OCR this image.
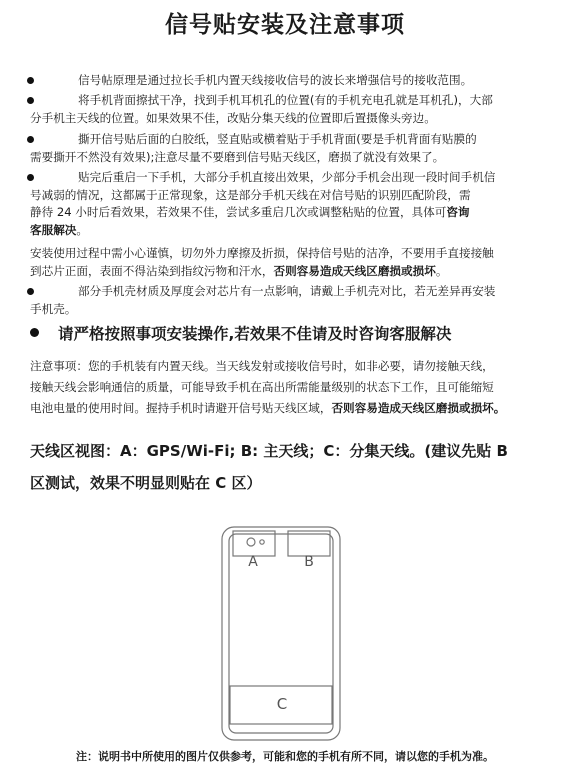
信号贴安装及注意事项
信号帖原理是通过拉长手机内置天线接收信号的波长来增强信号的接收范围。
将手机背面擦拭干净，找到手机耳机孔的位置(有的手机充电孔就是耳机孔)，大部
分手机主天线的位置。如果效果不佳，改贴分集天线的位置即后置摄像头旁边。
撕开信号贴后面的白胶纸，竖直贴或横着贴于手机背面(要是手机背面有贴膜的
需要撕开不然没有效果);注意尽量不要磨到信号贴天线区，磨损了就没有效果了。
贴完后重启一下手机，大部分手机直接出效果，少部分手机会出现一段时间手机信
号减弱的情况，这都属于正常现象，这是部分手机天线在对信号贴的识别匹配阶段，需
静待 24 小时后看效果，若效果不佳，尝试多重启几次或调整粘贴的位置，具体可咨询
客服解决。
安装使用过程中需小心谨慎，切勿外力摩擦及折损，保持信号贴的洁净，不要用手直接接触
到芯片正面，表面不得沾染到指纹污物和汗水，否则容易造成天线区磨损或损坏。
部分手机壳材质及厚度会对芯片有一点影响，请戴上手机壳对比，若无差异再安装
手机壳。
请严格按照事项安装操作,若效果不佳请及时咨询客服解决
注意事项：您的手机装有内置天线。当天线发射或接收信号时，如非必要，请勿接触天线，
接触天线会影响通信的质量，可能导致手机在高出所需能量级别的状态下工作，且可能缩短
电池电量的使用时间。握持手机时请避开信号贴天线区域，否则容易造成天线区磨损或损坏。
天线区视图：A：GPS/Wi-Fi; B: 主天线；C：分集天线。(建议先贴 B
区测试，效果不明显则贴在 C 区）
A	B
C
注：说明书中所使用的图片仅供参考，可能和您的手机有所不同，请以您的手机为准。
